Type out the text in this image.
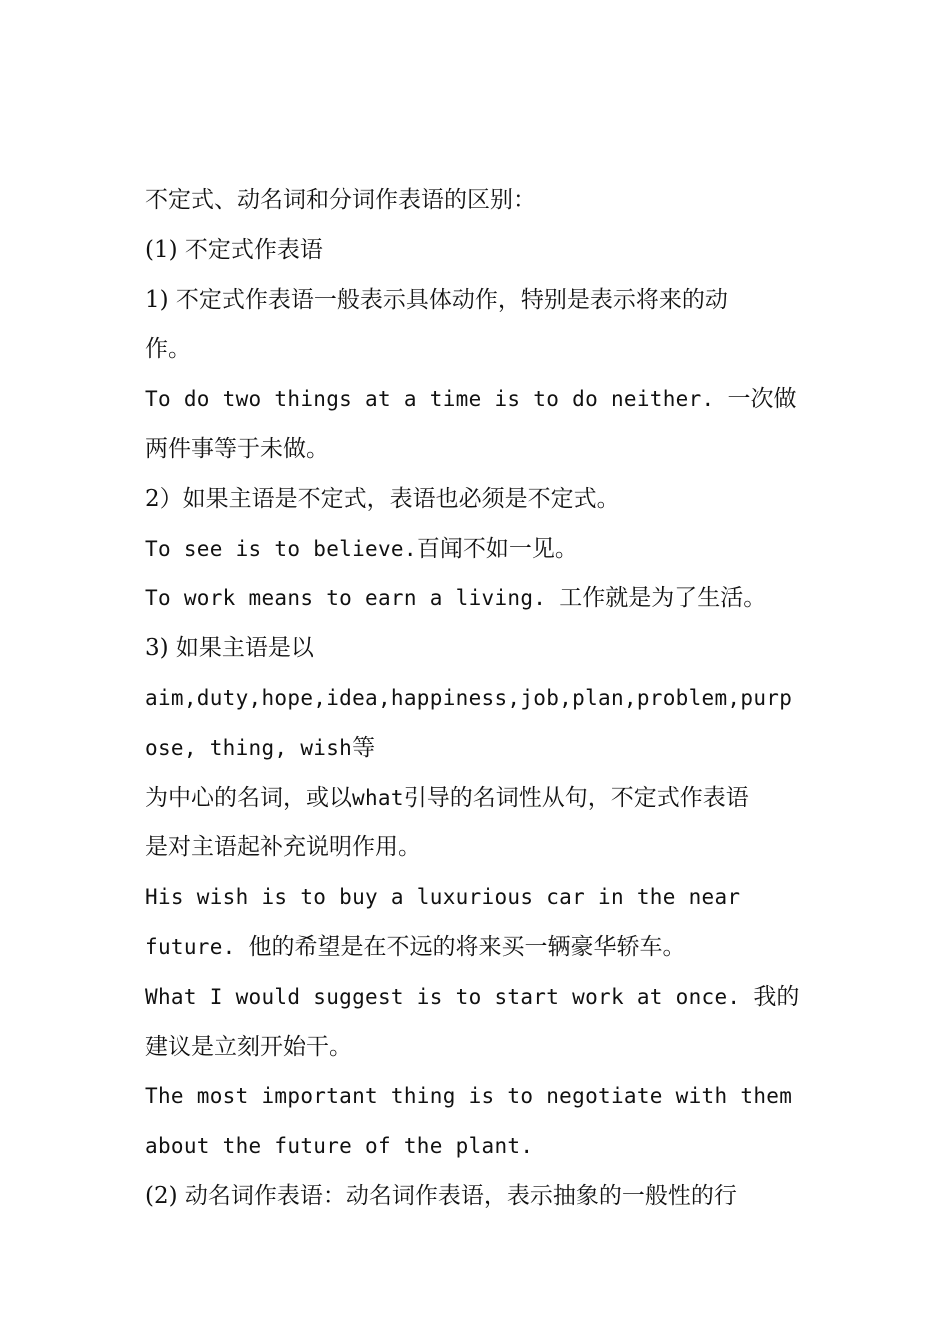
不定式、动名词和分词作表语的区别：
(1) 不定式作表语
1) 不定式作表语一般表示具体动作，特别是表示将来的动
作。
To do two things at a time is to do neither. 一次做
两件事等于未做。
2）如果主语是不定式，表语也必须是不定式。
To see is to believe.百闻不如一见。
To work means to earn a living. 工作就是为了生活。
3) 如果主语是以
aim,duty,hope,idea,happiness,job,plan,problem,purp
ose, thing, wish等
为中心的名词，或以what引导的名词性从句，不定式作表语
是对主语起补充说明作用。
His wish is to buy a luxurious car in the near
future. 他的希望是在不远的将来买一辆豪华轿车。
What I would suggest is to start work at once. 我的
建议是立刻开始干。
The most important thing is to negotiate with them
about the future of the plant.
(2) 动名词作表语：动名词作表语，表示抽象的一般性的行
